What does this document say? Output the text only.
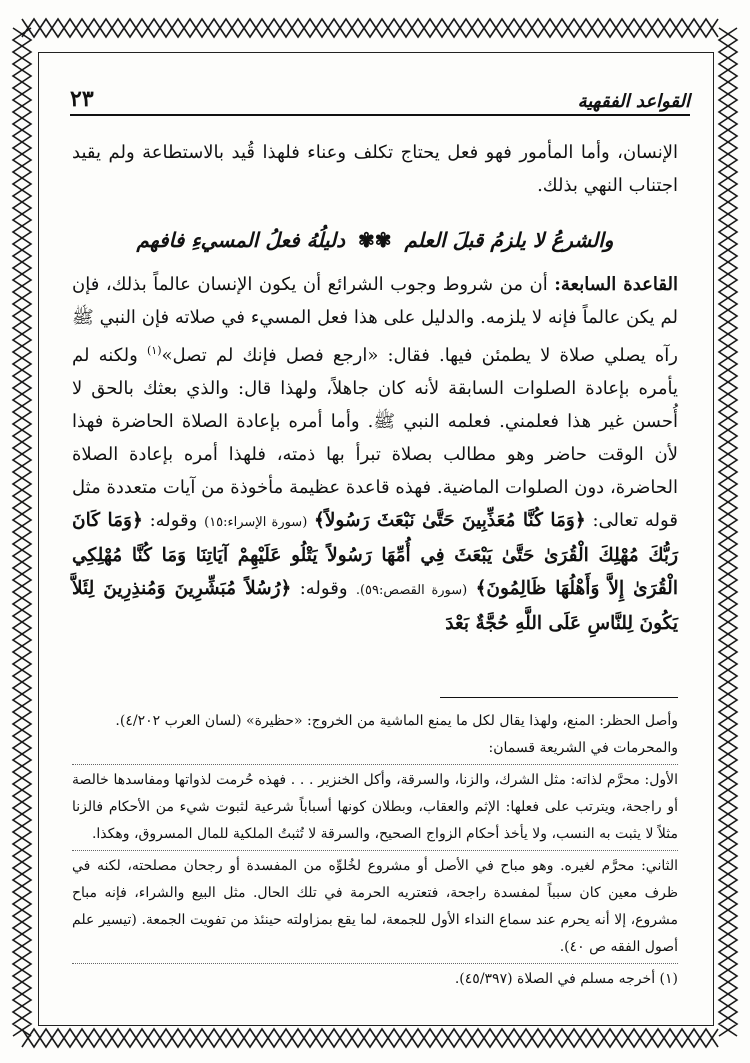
٢٣	القواعد الفقهية

الإنسان، وأما المأمور فهو فعل يحتاج تكلف وعناء فلهذا قُيد بالاستطاعة ولم يقيد اجتناب النهي بذلك.

والشرعُ لا يلزمُ قبلَ العلم ✾✾ دليلُهُ فعلُ المسيءِ فافهم

القاعدة السابعة: أن من شروط وجوب الشرائع أن يكون الإنسان عالماً بذلك، فإن لم يكن عالماً فإنه لا يلزمه. والدليل على هذا فعل المسيء في صلاته فإن النبي ﷺ رآه يصلي صلاة لا يطمئن فيها. فقال: «ارجع فصل فإنك لم تصل»$^{(١)}$ ولكنه لم يأمره بإعادة الصلوات السابقة لأنه كان جاهلاً، ولهذا قال: والذي بعثك بالحق لا أُحسن غير هذا فعلمني. فعلمه النبي ﷺ. وأما أمره بإعادة الصلاة الحاضرة فهذا لأن الوقت حاضر وهو مطالب بصلاة تبرأ بها ذمته، فلهذا أمره بإعادة الصلاة الحاضرة، دون الصلوات الماضية. فهذه قاعدة عظيمة مأخوذة من آيات متعددة مثل قوله تعالى: ﴿وَمَا كُنَّا مُعَذِّبِينَ حَتَّىٰ نَبْعَثَ رَسُولاً﴾ (سورة الإسراء:١٥) وقوله: ﴿وَمَا كَانَ رَبُّكَ مُهْلِكَ الْقُرَىٰ حَتَّىٰ يَبْعَثَ فِي أُمِّهَا رَسُولاً يَتْلُو عَلَيْهِمْ آيَاتِنَا وَمَا كُنَّا مُهْلِكِي الْقُرَىٰ إِلاَّ وَأَهْلُهَا ظَالِمُونَ﴾ (سورة القصص:٥٩). وقوله: ﴿رُسُلاً مُبَشِّرِينَ وَمُنذِرِينَ لِئَلاَّ يَكُونَ لِلنَّاسِ عَلَى اللَّهِ حُجَّةٌ بَعْدَ

وأصل الحظر: المنع، ولهذا يقال لكل ما يمنع الماشية من الخروج: «حظيرة» (لسان العرب ٤/٢٠٢).

والمحرمات في الشريعة قسمان:

الأول: محرَّم لذاته: مثل الشرك، والزنا، والسرقة، وأكل الخنزير . . . فهذه حُرمت لذواتها ومفاسدها خالصة أو راجحة، ويترتب على فعلها: الإثم والعقاب، وبطلان كونها أسباباً شرعية لثبوت شيء من الأحكام فالزنا مثلاً لا يثبت به النسب، ولا يأخذ أحكام الزواج الصحيح، والسرقة لا تُثبتُ الملكية للمال المسروق، وهكذا.

الثاني: محرَّم لغيره. وهو مباح في الأصل أو مشروع لخُلوِّه من المفسدة أو رجحان مصلحته، لكنه في ظرف معين كان سبباً لمفسدة راجحة، فتعتريه الحرمة في تلك الحال. مثل البيع والشراء، فإنه مباح مشروع، إلا أنه يحرم عند سماع النداء الأول للجمعة، لما يقع بمزاولته حينئذ من تفويت الجمعة. (تيسير علم أصول الفقه ص ٤٠).

(١) أخرجه مسلم في الصلاة (٤٥/٣٩٧).
